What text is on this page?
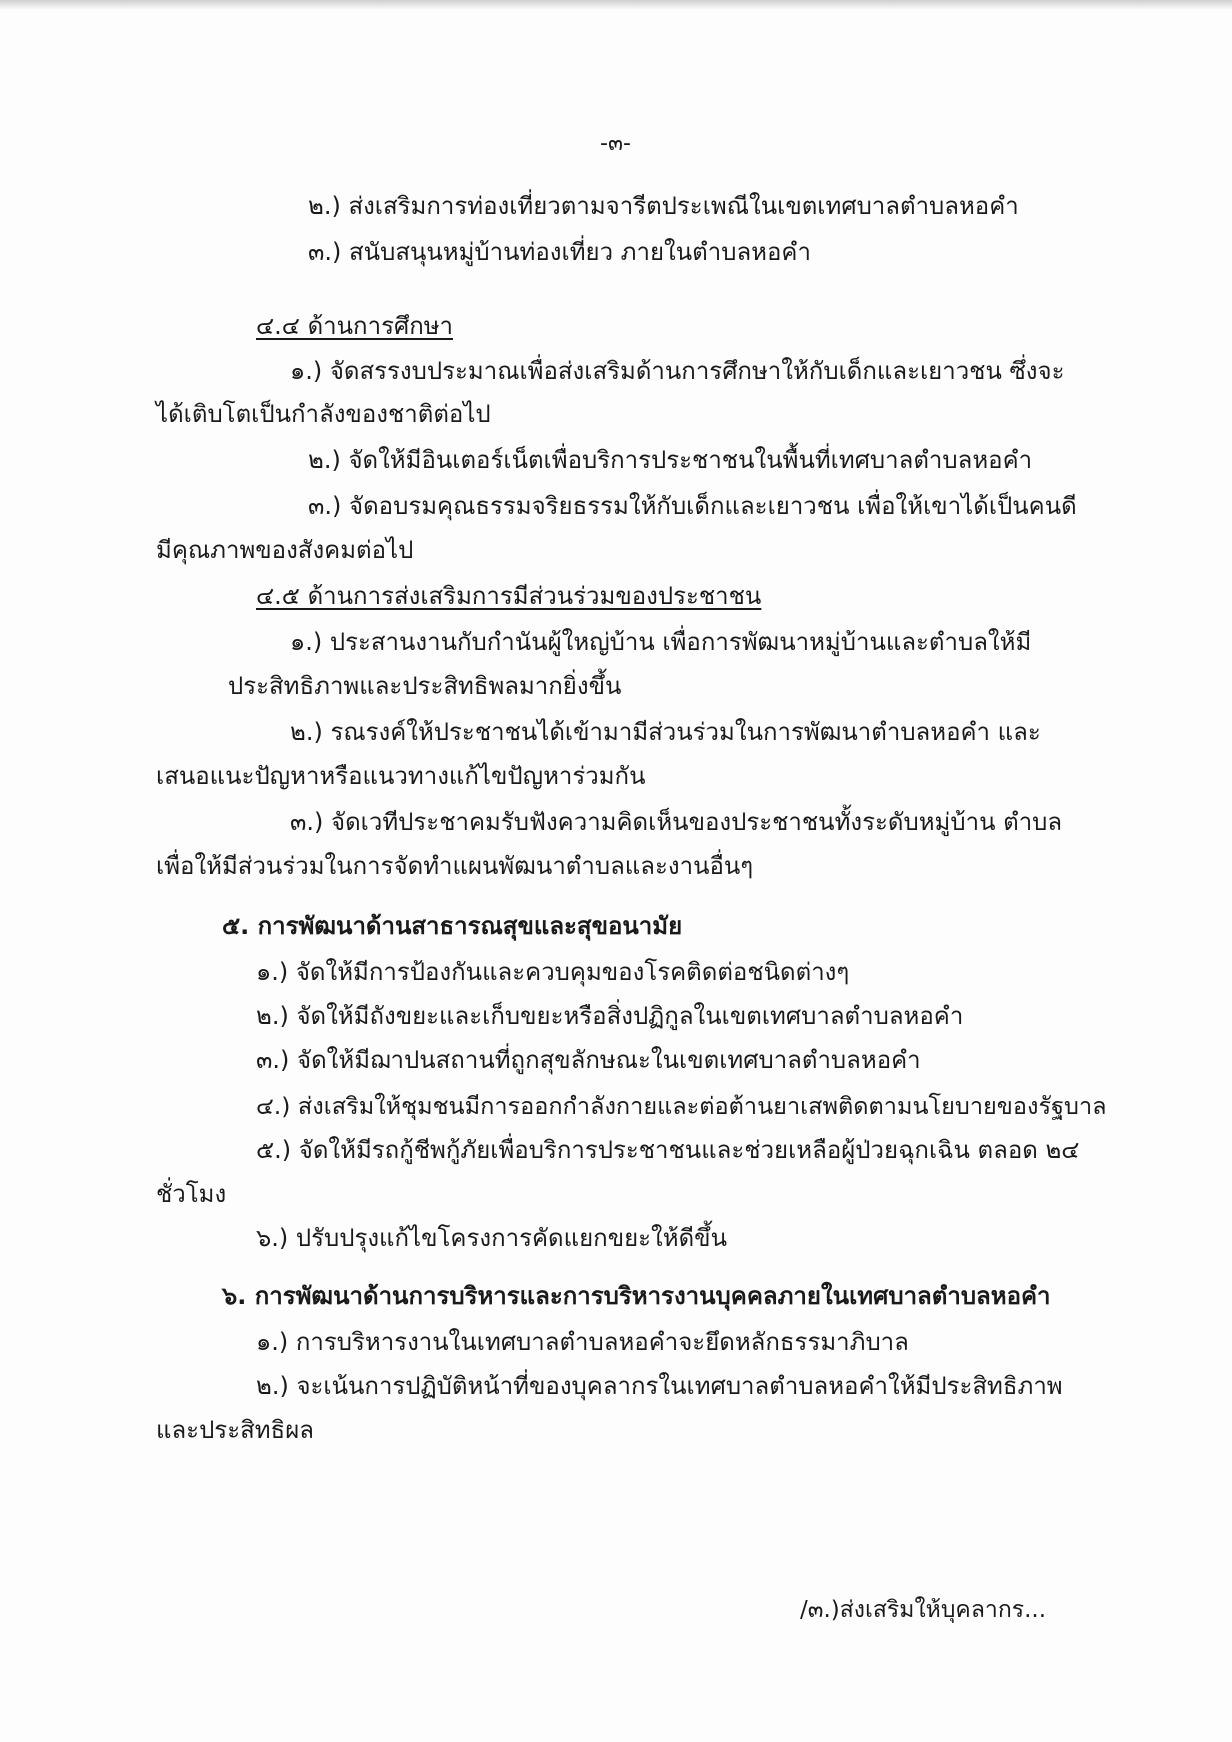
-๓-
๒.) ส่งเสริมการท่องเที่ยวตามจารีตประเพณีในเขตเทศบาลตำบลหอคำ
๓.) สนับสนุนหมู่บ้านท่องเที่ยว ภายในตำบลหอคำ
๔.๔ ด้านการศึกษา
๑.) จัดสรรงบประมาณเพื่อส่งเสริมด้านการศึกษาให้กับเด็กและเยาวชน ซึ่งจะ
ได้เติบโตเป็นกำลังของชาติต่อไป
๒.) จัดให้มีอินเตอร์เน็ตเพื่อบริการประชาชนในพื้นที่เทศบาลตำบลหอคำ
๓.) จัดอบรมคุณธรรมจริยธรรมให้กับเด็กและเยาวชน เพื่อให้เขาได้เป็นคนดี
มีคุณภาพของสังคมต่อไป
๔.๕ ด้านการส่งเสริมการมีส่วนร่วมของประชาชน
๑.) ประสานงานกับกำนันผู้ใหญ่บ้าน เพื่อการพัฒนาหมู่บ้านและตำบลให้มี
ประสิทธิภาพและประสิทธิพลมากยิ่งขึ้น
๒.) รณรงค์ให้ประชาชนได้เข้ามามีส่วนร่วมในการพัฒนาตำบลหอคำ และ
เสนอแนะปัญหาหรือแนวทางแก้ไขปัญหาร่วมกัน
๓.) จัดเวทีประชาคมรับฟังความคิดเห็นของประชาชนทั้งระดับหมู่บ้าน ตำบล
เพื่อให้มีส่วนร่วมในการจัดทำแผนพัฒนาตำบลและงานอื่นๆ
๕. การพัฒนาด้านสาธารณสุขและสุขอนามัย
๑.) จัดให้มีการป้องกันและควบคุมของโรคติดต่อชนิดต่างๆ
๒.) จัดให้มีถังขยะและเก็บขยะหรือสิ่งปฏิกูลในเขตเทศบาลตำบลหอคำ
๓.) จัดให้มีฌาปนสถานที่ถูกสุขลักษณะในเขตเทศบาลตำบลหอคำ
๔.) ส่งเสริมให้ชุมชนมีการออกกำลังกายและต่อต้านยาเสพติดตามนโยบายของรัฐบาล
๕.) จัดให้มีรถกู้ชีพกู้ภัยเพื่อบริการประชาชนและช่วยเหลือผู้ป่วยฉุกเฉิน ตลอด ๒๔
ชั่วโมง
๖.) ปรับปรุงแก้ไขโครงการคัดแยกขยะให้ดีขึ้น
๖. การพัฒนาด้านการบริหารและการบริหารงานบุคคลภายในเทศบาลตำบลหอคำ
๑.) การบริหารงานในเทศบาลตำบลหอคำจะยึดหลักธรรมาภิบาล
๒.) จะเน้นการปฏิบัติหน้าที่ของบุคลากรในเทศบาลตำบลหอคำให้มีประสิทธิภาพ
และประสิทธิผล
/๓.)ส่งเสริมให้บุคลากร...
